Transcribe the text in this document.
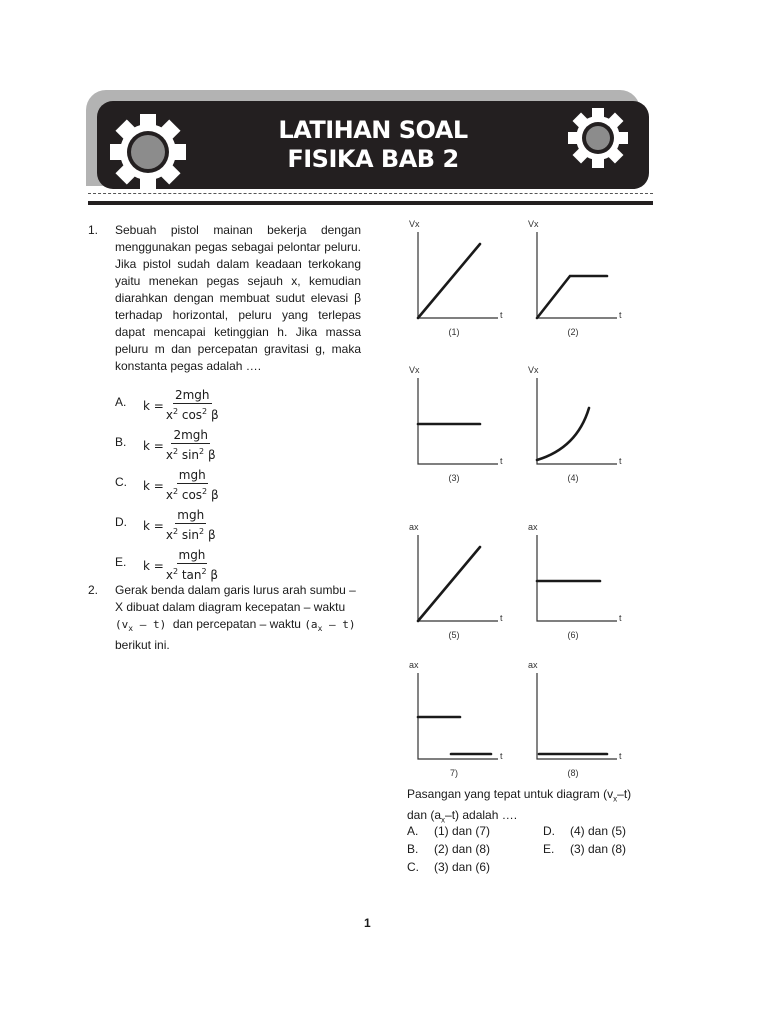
LATIHAN SOAL
FISIKA BAB 2
1. Sebuah pistol mainan bekerja dengan menggunakan pegas sebagai pelontar peluru. Jika pistol sudah dalam keadaan terkokang yaitu menekan pegas sejauh x, kemudian diarahkan dengan membuat sudut elevasi β terhadap horizontal, peluru yang terlepas dapat mencapai ketinggian h. Jika massa peluru m dan percepatan gravitasi g, maka konstanta pegas adalah ….
A. k =
2mgh
$x^2$ $\cos^2 \beta$
B. k =
2mgh
$x^2$ $\sin^2 \beta$
C. k =
mgh
$x^2$ $\cos^2 \beta$
D. k =
mgh
$x^2$ $\sin^2 \beta$
E. k =
mgh
$x^2$ $\tan^2 \beta$
2. Gerak benda dalam garis lurus arah sumbu –
X dibuat dalam diagram kecepatan – waktu
$(v_x - t)$ dan percepatan – waktu $(a_x - t)$
berikut ini.
Vx
t
(1)
Vx
t
(2)
Vx
t
(3)
Vx
t
(4)
ax
t
(5)
ax
t
(6)
ax
t
7)
ax
t
(8)
Pasangan yang tepat untuk diagram $(v_x-t)$
dan $(a_x-t)$ adalah ….
A. (1) dan (7)
B. (2) dan (8)
C. (3) dan (6)
D. (4) dan (5)
E. (3) dan (8)
1
